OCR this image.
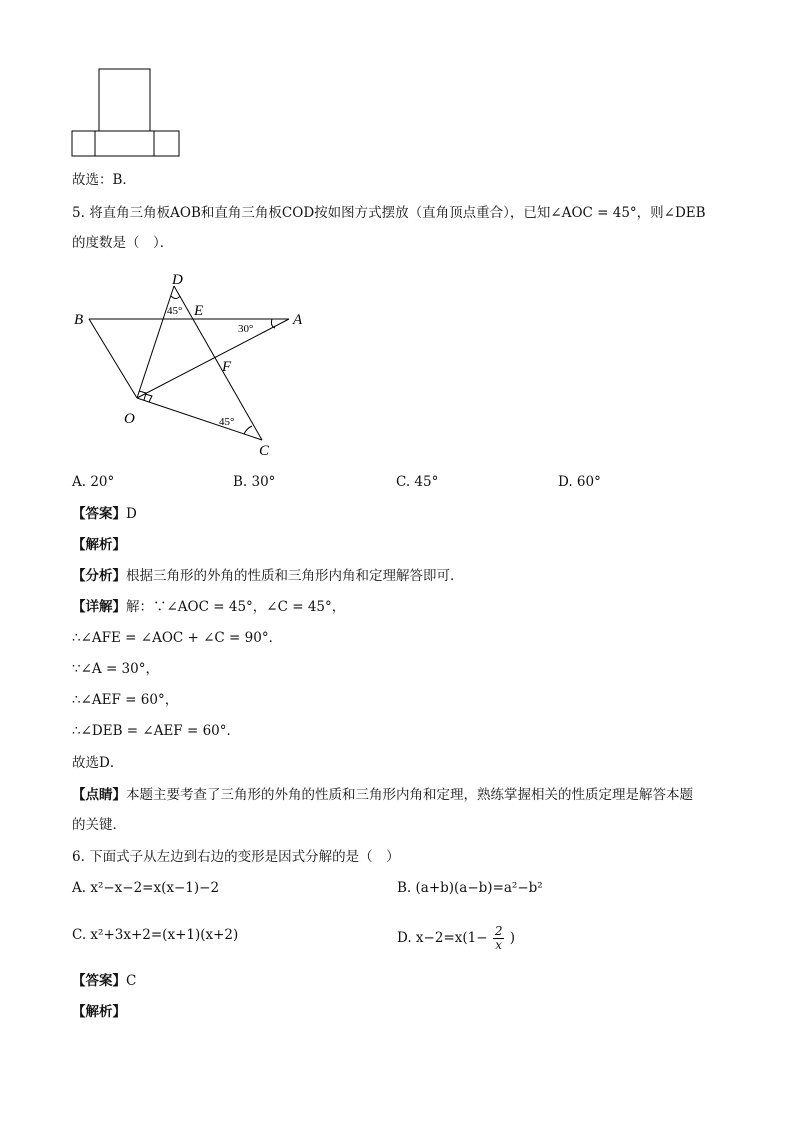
故选：B．
5. 将直角三角板AOB和直角三角板COD按如图方式摆放（直角顶点重合），已知∠AOC = 45°，则∠DEB
的度数是（　）．
D
E
A
B
F
O
C
45°
30°
45°
A. 20°	B. 30°	C. 45°	D. 60°
【答案】D
【解析】
【分析】根据三角形的外角的性质和三角形内角和定理解答即可．
【详解】解：∵∠AOC = 45°，∠C = 45°，
∴∠AFE = ∠AOC + ∠C = 90°．
∵∠A = 30°，
∴∠AEF = 60°，
∴∠DEB = ∠AEF = 60°．
故选D．
【点睛】本题主要考查了三角形的外角的性质和三角形内角和定理，熟练掌握相关的性质定理是解答本题
的关键．
6. 下面式子从左边到右边的变形是因式分解的是（　）
A. x²−x−2=x(x−1)−2	B. (a+b)(a−b)=a²−b²
C. x²+3x+2=(x+1)(x+2)	D. $x-2=x(1- \frac{2}{x}$ )
【答案】C
【解析】
